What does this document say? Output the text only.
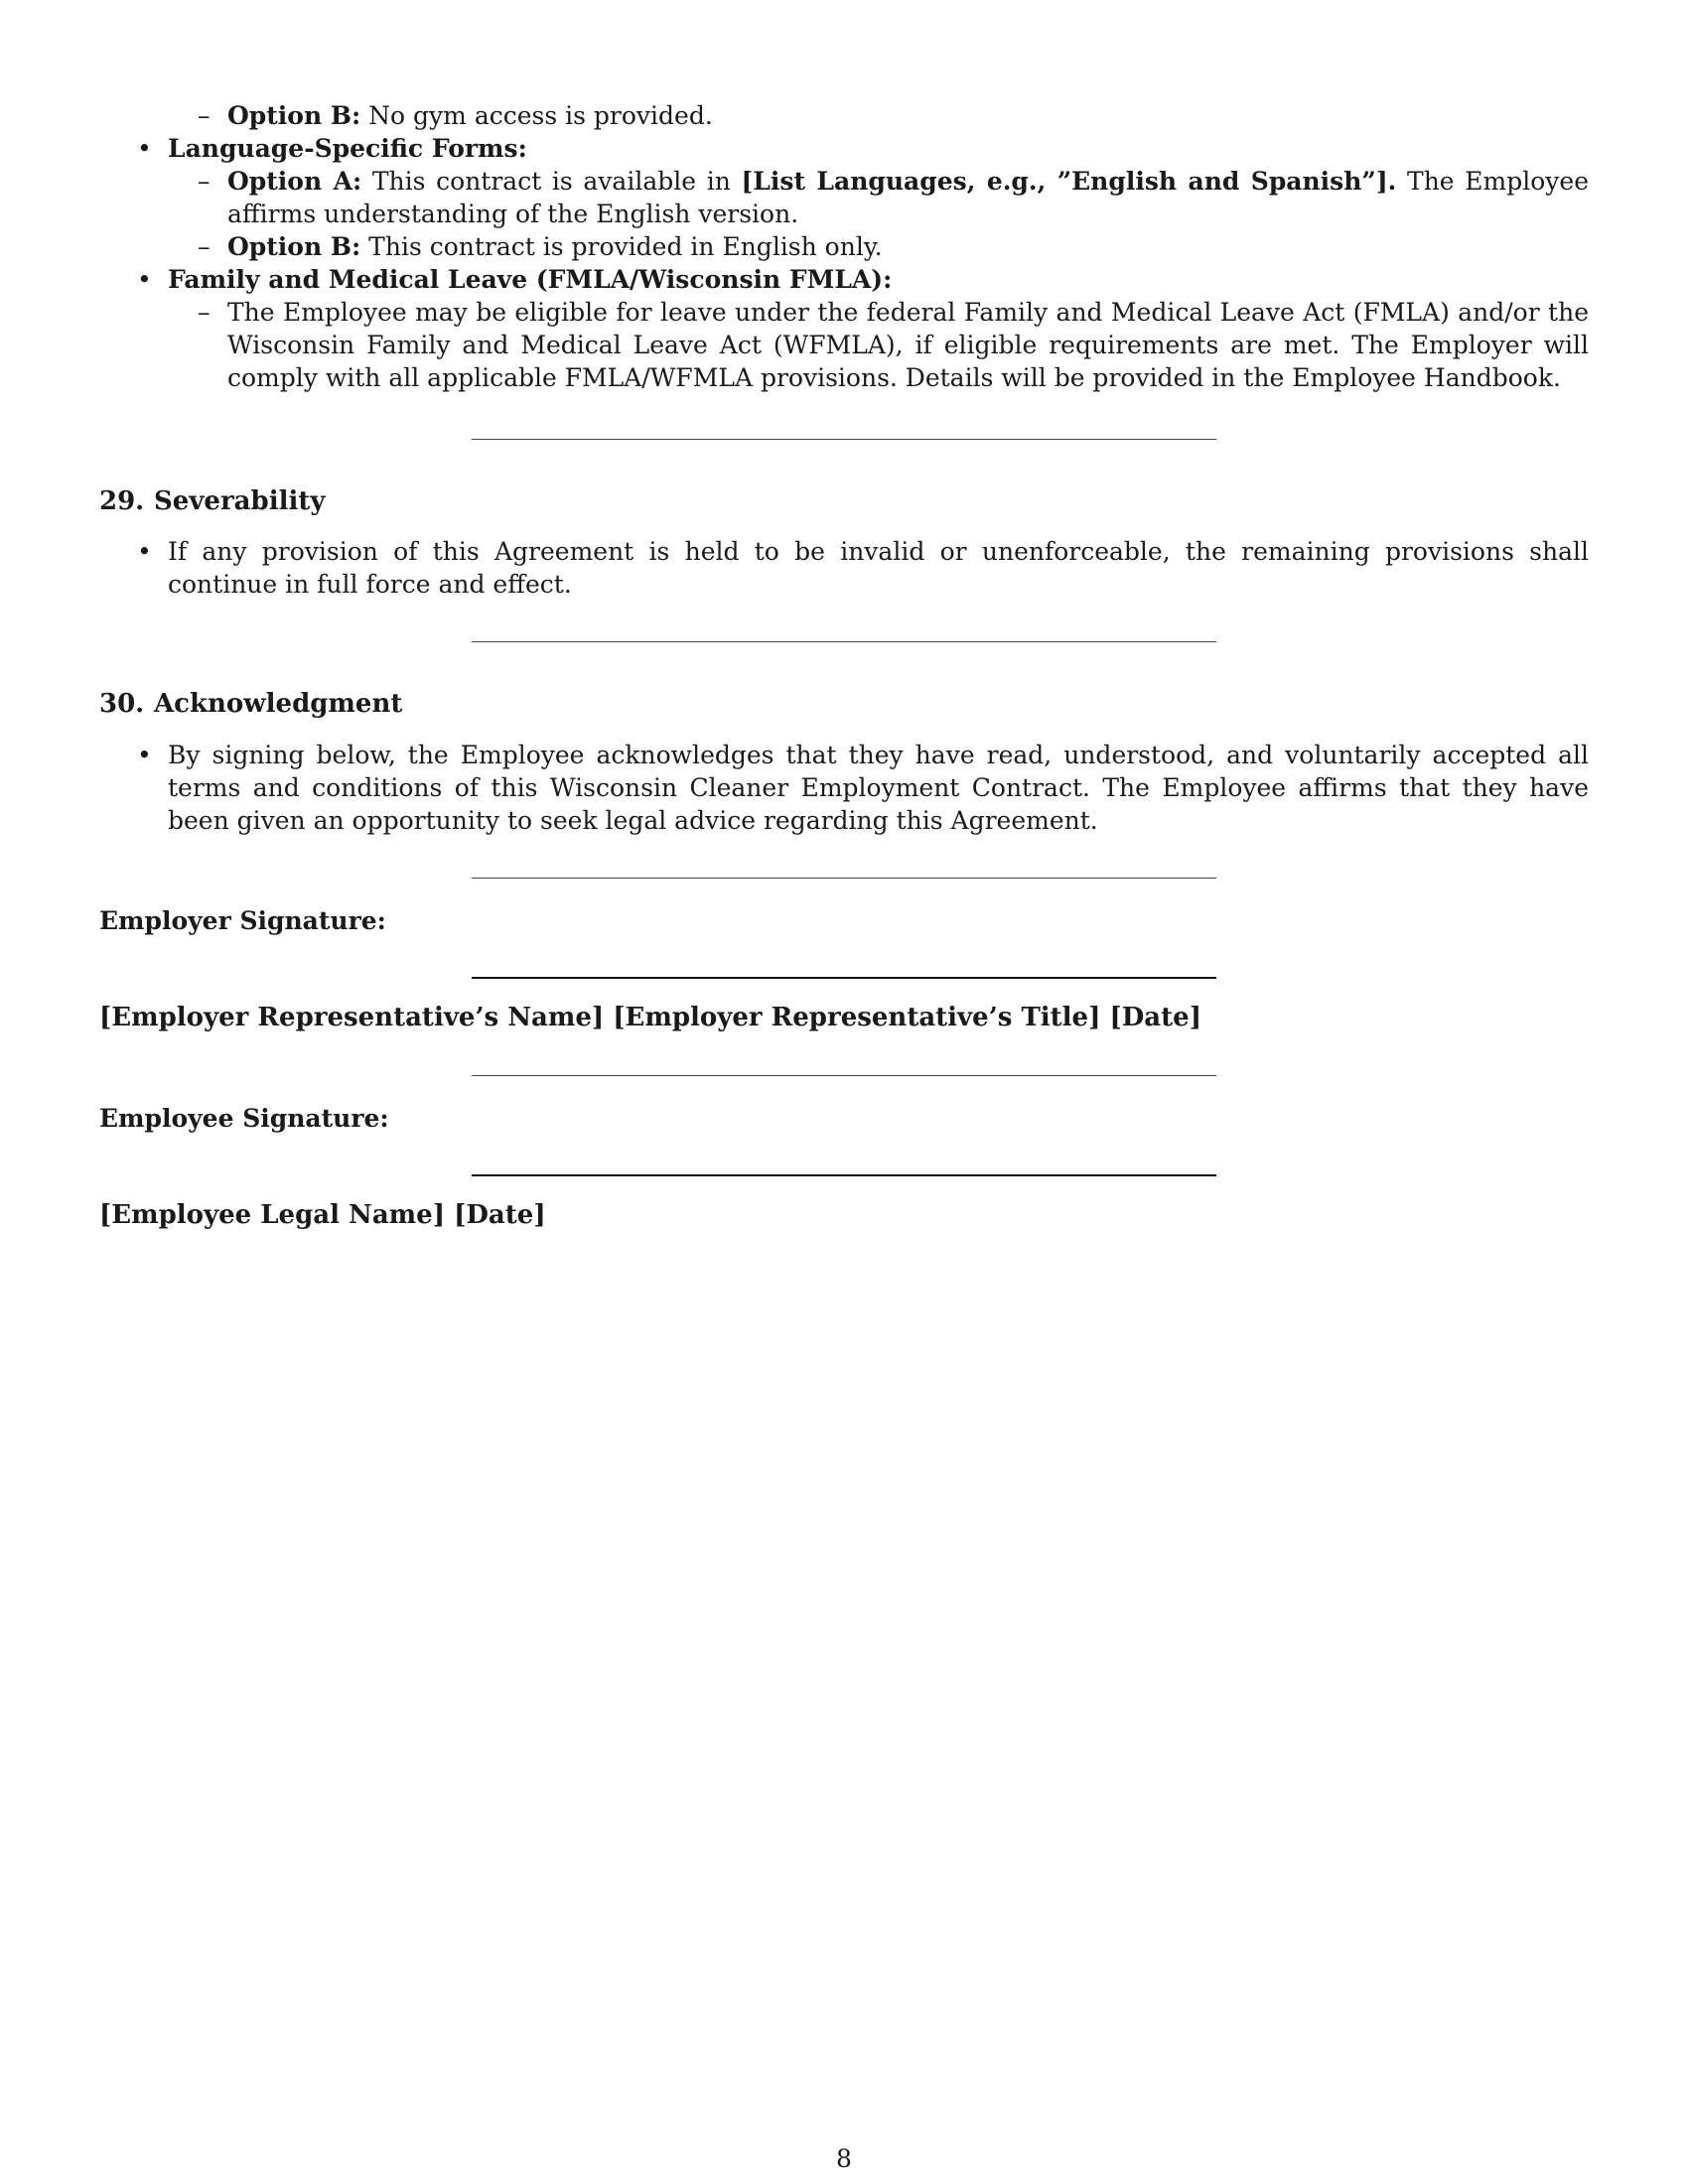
– Option B: No gym access is provided.
• Language-Specific Forms:
– Option A: This contract is available in [List Languages, e.g., ”English and Spanish”]. The Employee affirms understanding of the English version.
– Option B: This contract is provided in English only.
• Family and Medical Leave (FMLA/Wisconsin FMLA):
– The Employee may be eligible for leave under the federal Family and Medical Leave Act (FMLA) and/or the Wisconsin Family and Medical Leave Act (WFMLA), if eligible requirements are met. The Employer will comply with all applicable FMLA/WFMLA provisions. Details will be provided in the Employee Handbook.
29. Severability
• If any provision of this Agreement is held to be invalid or unenforceable, the remaining provisions shall continue in full force and effect.
30. Acknowledgment
• By signing below, the Employee acknowledges that they have read, understood, and voluntarily accepted all terms and conditions of this Wisconsin Cleaner Employment Contract. The Employee affirms that they have been given an opportunity to seek legal advice regarding this Agreement.
Employer Signature:
[Employer Representative’s Name] [Employer Representative’s Title] [Date]
Employee Signature:
[Employee Legal Name] [Date]
8
